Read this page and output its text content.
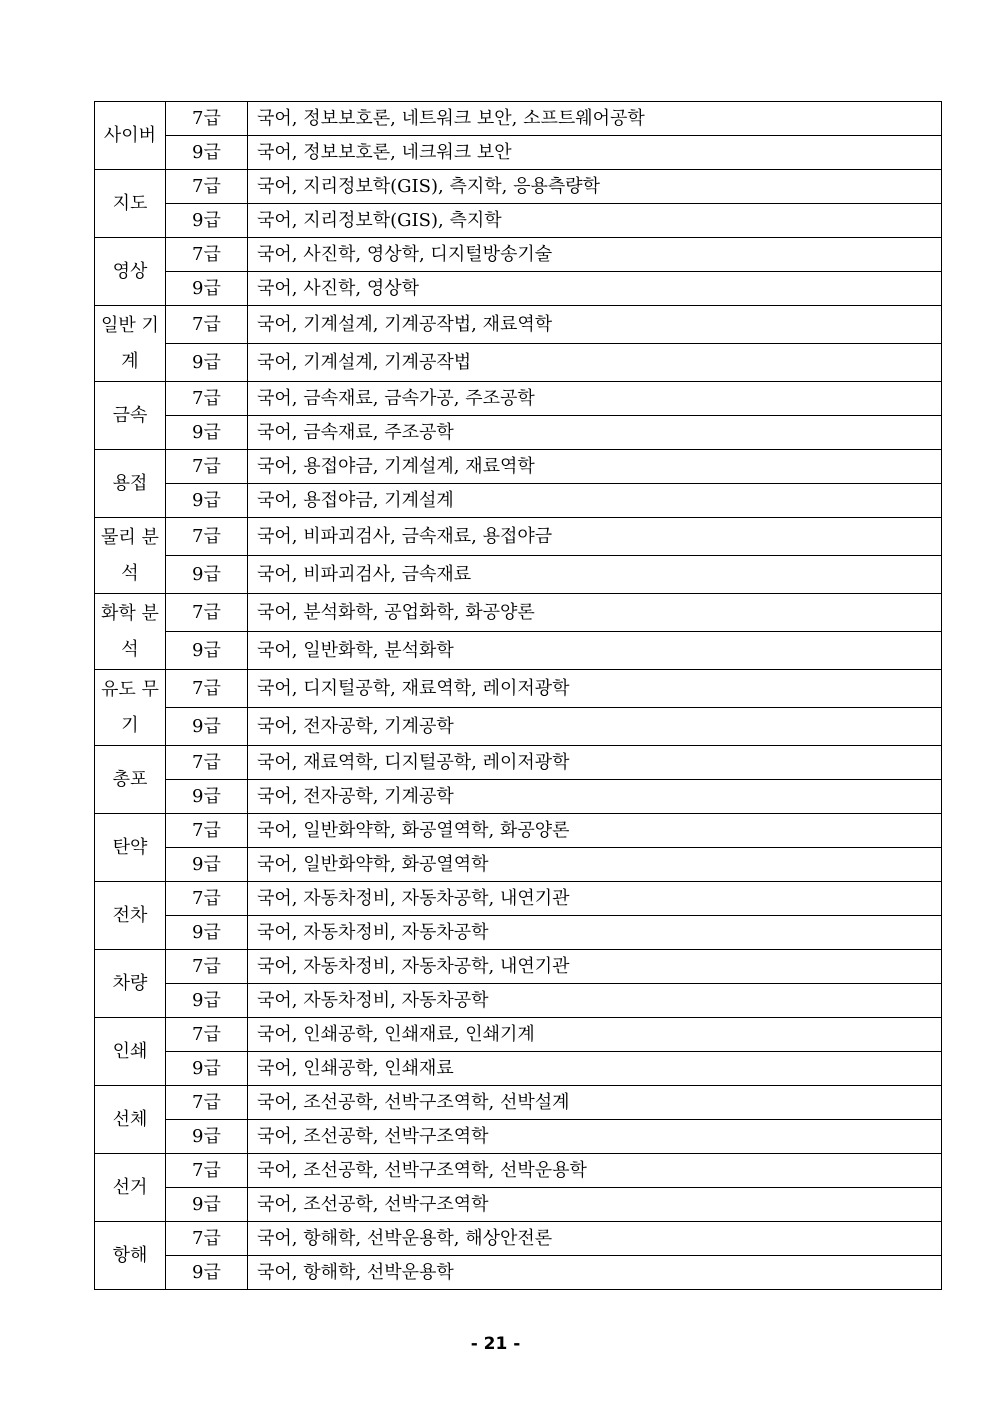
사이버	7급	국어, 정보보호론, 네트워크 보안, 소프트웨어공학
	9급	국어, 정보보호론, 네크워크 보안

지도	7급	국어, 지리정보학(GIS), 측지학, 응용측량학
	9급	국어, 지리정보학(GIS), 측지학

영상	7급	국어, 사진학, 영상학, 디지털방송기술
	9급	국어, 사진학, 영상학

일반 기계	7급	국어, 기계설계, 기계공작법, 재료역학
	9급	국어, 기계설계, 기계공작법

금속	7급	국어, 금속재료, 금속가공, 주조공학
	9급	국어, 금속재료, 주조공학

용접	7급	국어, 용접야금, 기계설계, 재료역학
	9급	국어, 용접야금, 기계설계

물리 분석	7급	국어, 비파괴검사, 금속재료, 용접야금
	9급	국어, 비파괴검사, 금속재료

화학 분석	7급	국어, 분석화학, 공업화학, 화공양론
	9급	국어, 일반화학, 분석화학

유도 무기	7급	국어, 디지털공학, 재료역학, 레이저광학
	9급	국어, 전자공학, 기계공학

총포	7급	국어, 재료역학, 디지털공학, 레이저광학
	9급	국어, 전자공학, 기계공학

탄약	7급	국어, 일반화약학, 화공열역학, 화공양론
	9급	국어, 일반화약학, 화공열역학

전차	7급	국어, 자동차정비, 자동차공학, 내연기관
	9급	국어, 자동차정비, 자동차공학

차량	7급	국어, 자동차정비, 자동차공학, 내연기관
	9급	국어, 자동차정비, 자동차공학

인쇄	7급	국어, 인쇄공학, 인쇄재료, 인쇄기계
	9급	국어, 인쇄공학, 인쇄재료

선체	7급	국어, 조선공학, 선박구조역학, 선박설계
	9급	국어, 조선공학, 선박구조역학

선거	7급	국어, 조선공학, 선박구조역학, 선박운용학
	9급	국어, 조선공학, 선박구조역학

항해	7급	국어, 항해학, 선박운용학, 해상안전론
	9급	국어, 항해학, 선박운용학
- 21 -
